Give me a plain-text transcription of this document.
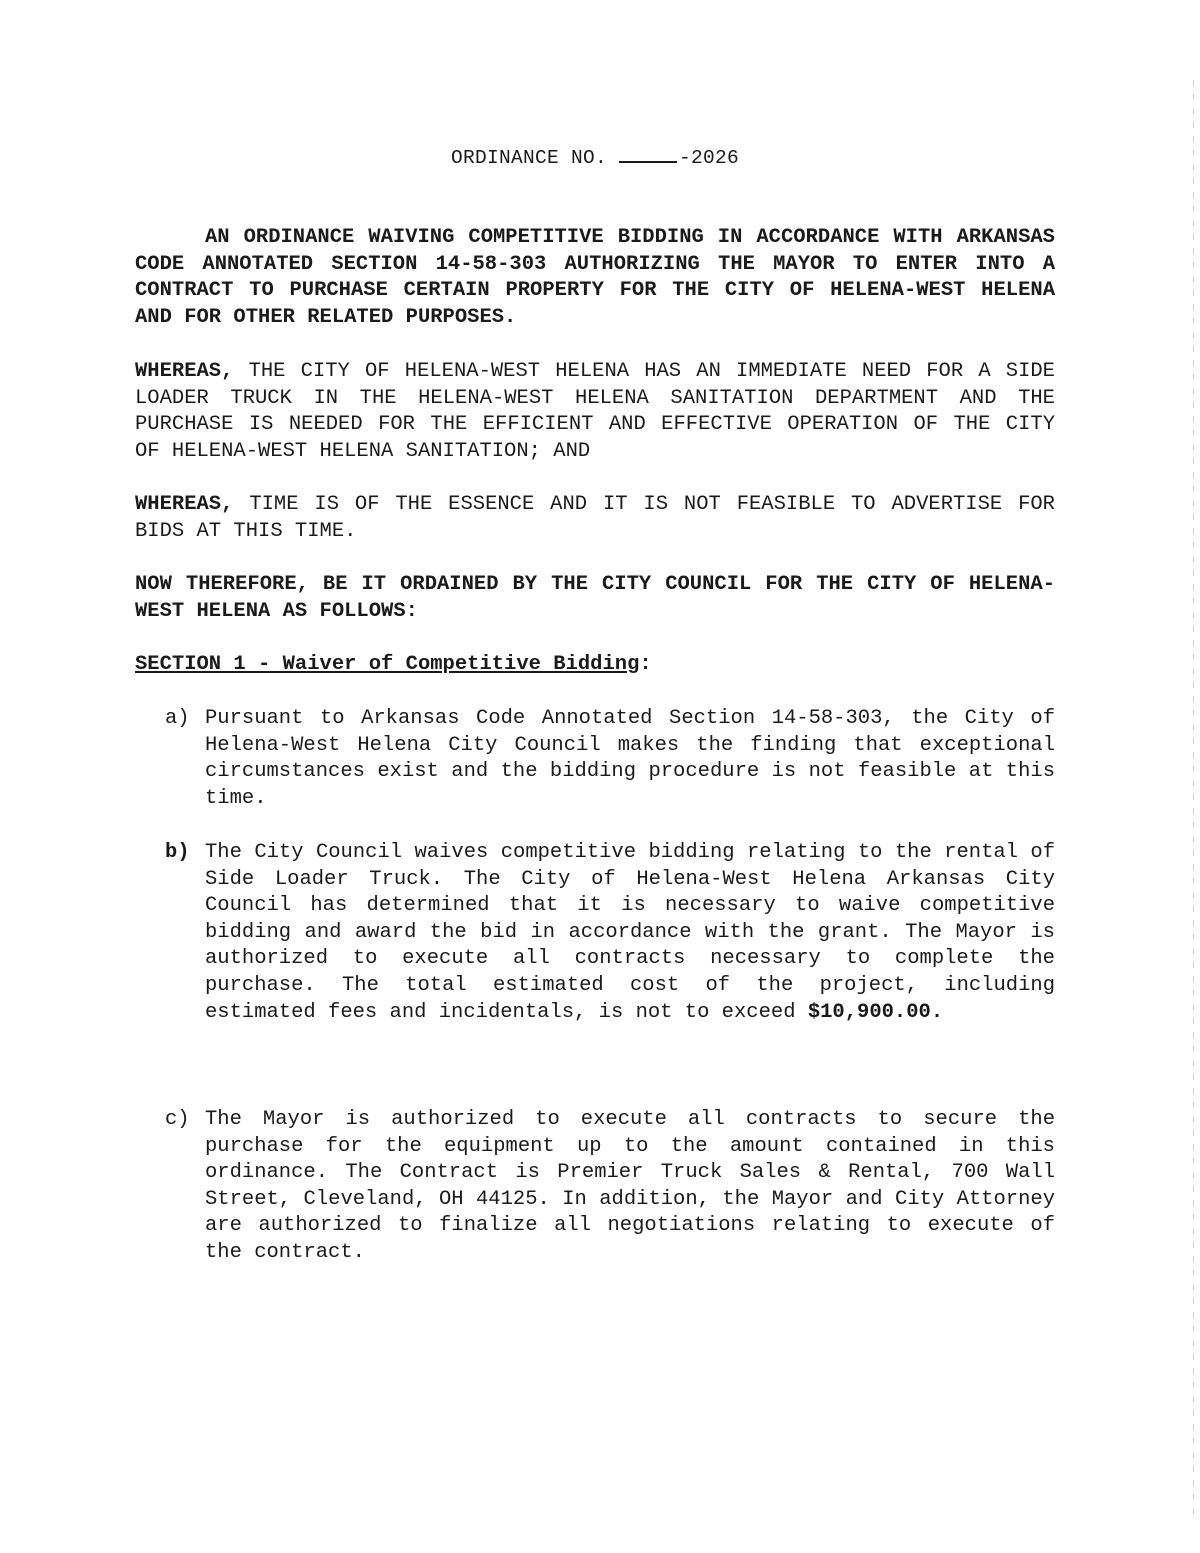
ORDINANCE NO.	-2026
AN ORDINANCE WAIVING COMPETITIVE BIDDING IN ACCORDANCE WITH ARKANSAS CODE ANNOTATED SECTION 14-58-303 AUTHORIZING THE MAYOR TO ENTER INTO A CONTRACT TO PURCHASE CERTAIN PROPERTY FOR THE CITY OF HELENA-WEST HELENA AND FOR OTHER RELATED PURPOSES.
WHEREAS, THE CITY OF HELENA-WEST HELENA HAS AN IMMEDIATE NEED FOR A SIDE LOADER TRUCK IN THE HELENA-WEST HELENA SANITATION DEPARTMENT AND THE PURCHASE IS NEEDED FOR THE EFFICIENT AND EFFECTIVE OPERATION OF THE CITY OF HELENA-WEST HELENA SANITATION; AND
WHEREAS, TIME IS OF THE ESSENCE AND IT IS NOT FEASIBLE TO ADVERTISE FOR BIDS AT THIS TIME.
NOW THEREFORE, BE IT ORDAINED BY THE CITY COUNCIL FOR THE CITY OF HELENA-WEST HELENA AS FOLLOWS:
SECTION 1 - Waiver of Competitive Bidding:
a) Pursuant to Arkansas Code Annotated Section 14-58-303, the City of Helena-West Helena City Council makes the finding that exceptional circumstances exist and the bidding procedure is not feasible at this time.
b) The City Council waives competitive bidding relating to the rental of Side Loader Truck. The City of Helena-West Helena Arkansas City Council has determined that it is necessary to waive competitive bidding and award the bid in accordance with the grant. The Mayor is authorized to execute all contracts necessary to complete the purchase. The total estimated cost of the project, including estimated fees and incidentals, is not to exceed $10,900.00.
c) The Mayor is authorized to execute all contracts to secure the purchase for the equipment up to the amount contained in this ordinance. The Contract is Premier Truck Sales & Rental, 700 Wall Street, Cleveland, OH 44125. In addition, the Mayor and City Attorney are authorized to finalize all negotiations relating to execute of the contract.
